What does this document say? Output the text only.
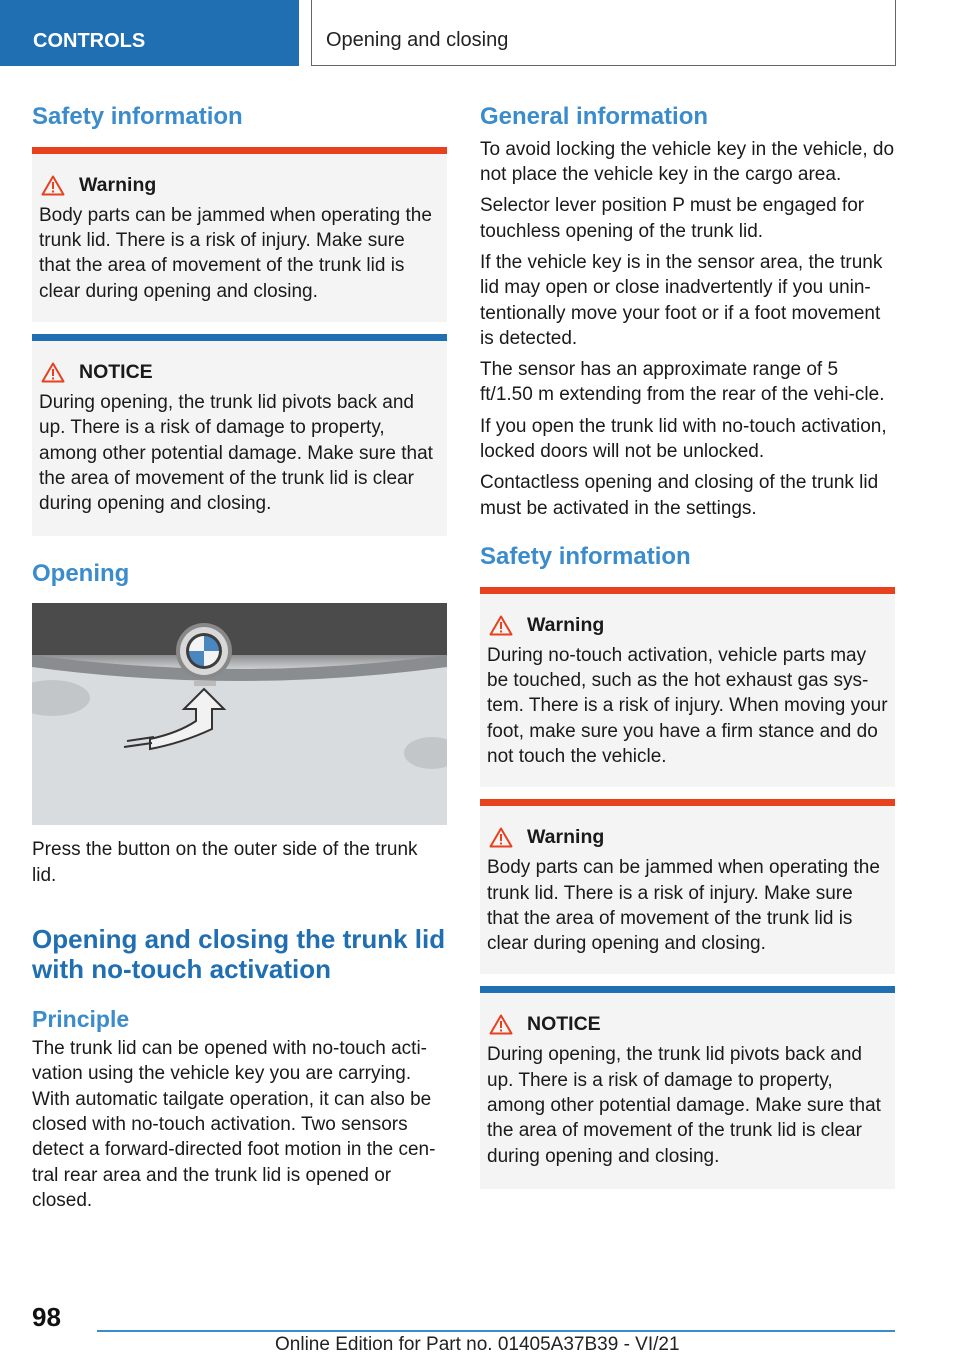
CONTROLS	Opening and closing
Safety information
Warning

Body parts can be jammed when operating the trunk lid. There is a risk of injury. Make sure that the area of movement of the trunk lid is clear during opening and closing.

NOTICE

During opening, the trunk lid pivots back and up. There is a risk of damage to property, among other potential damage. Make sure that the area of movement of the trunk lid is clear during opening and closing.

Opening

Press the button on the outer side of the trunk lid.

Opening and closing the trunk lid with no-touch activation
Principle

The trunk lid can be opened with no-touch acti-vation using the vehicle key you are carrying. With automatic tailgate operation, it can also be closed with no-touch activation. Two sensors detect a forward-directed foot motion in the cen-tral rear area and the trunk lid is opened or closed.

General information

To avoid locking the vehicle key in the vehicle, do not place the vehicle key in the cargo area.

Selector lever position P must be engaged for touchless opening of the trunk lid.

If the vehicle key is in the sensor area, the trunk lid may open or close inadvertently if you unin-tentionally move your foot or if a foot movement is detected.

The sensor has an approximate range of 5 ft/1.50 m extending from the rear of the vehi-cle.

If you open the trunk lid with no-touch activation, locked doors will not be unlocked.

Contactless opening and closing of the trunk lid must be activated in the settings.

Safety information
Warning

During no-touch activation, vehicle parts may be touched, such as the hot exhaust gas sys-tem. There is a risk of injury. When moving your foot, make sure you have a firm stance and do not touch the vehicle.

Warning

Body parts can be jammed when operating the trunk lid. There is a risk of injury. Make sure that the area of movement of the trunk lid is clear during opening and closing.

NOTICE

During opening, the trunk lid pivots back and up. There is a risk of damage to property, among other potential damage. Make sure that the area of movement of the trunk lid is clear during opening and closing.

98
Online Edition for Part no. 01405A37B39 - VI/21
